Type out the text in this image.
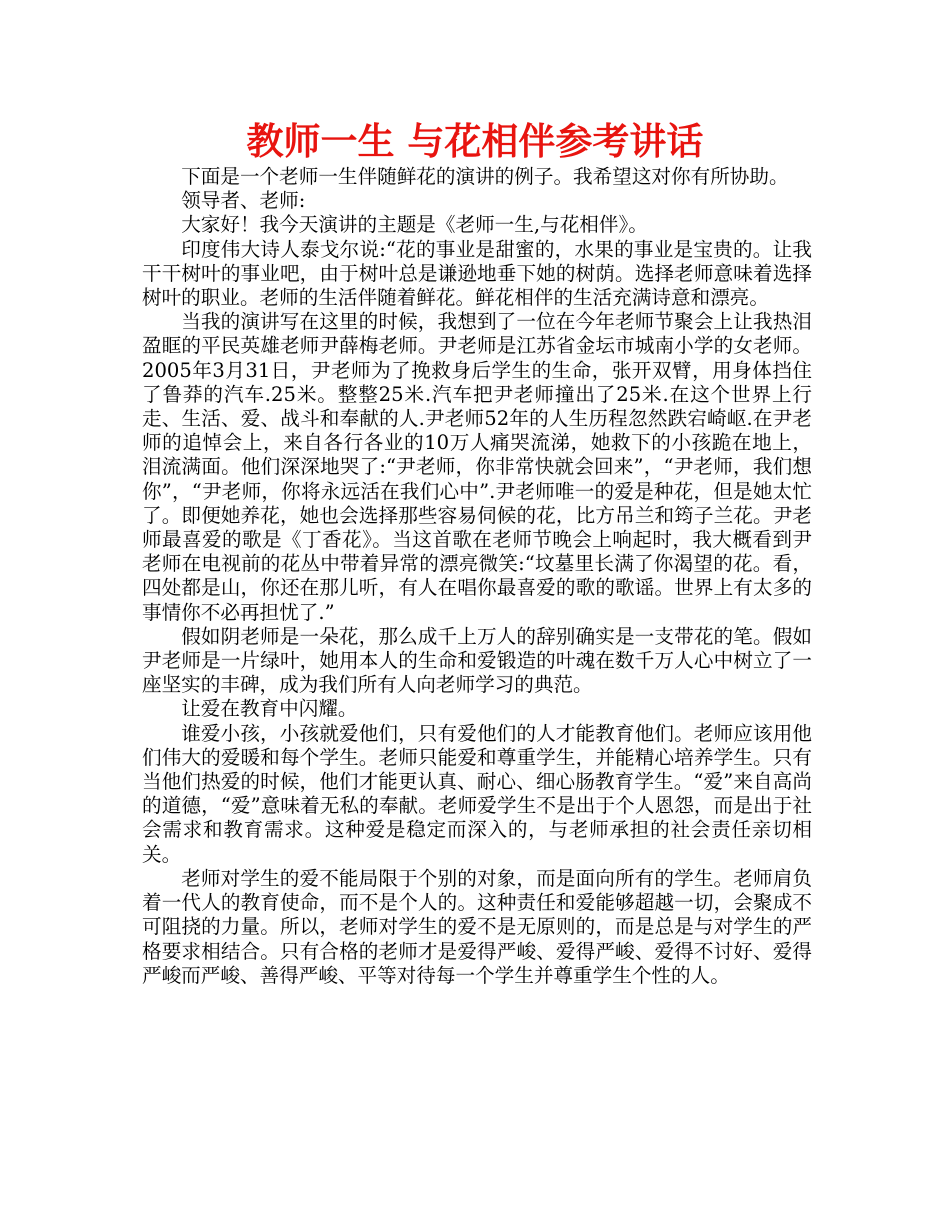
教师一生 与花相伴参考讲话

下面是一个老师一生伴随鲜花的演讲的例子。我希望这对你有所协助。

领导者、老师:

大家好！我今天演讲的主题是《老师一生,与花相伴》。

印度伟大诗人泰戈尔说:“花的事业是甜蜜的，水果的事业是宝贵的。让我干干树叶的事业吧，由于树叶总是谦逊地垂下她的树荫。选择老师意味着选择树叶的职业。老师的生活伴随着鲜花。鲜花相伴的生活充满诗意和漂亮。

当我的演讲写在这里的时候，我想到了一位在今年老师节聚会上让我热泪盈眶的平民英雄老师尹薛梅老师。尹老师是江苏省金坛市城南小学的女老师。2005年3月31日，尹老师为了挽救身后学生的生命，张开双臂，用身体挡住了鲁莽的汽车.25米。整整25米.汽车把尹老师撞出了25米.在这个世界上行走、生活、爱、战斗和奉献的人.尹老师52年的人生历程忽然跌宕崎岖.在尹老师的追悼会上，来自各行各业的10万人痛哭流涕，她救下的小孩跪在地上，泪流满面。他们深深地哭了:“尹老师，你非常快就会回来”，“尹老师，我们想你”，“尹老师，你将永远活在我们心中”.尹老师唯一的爱是种花，但是她太忙了。即便她养花，她也会选择那些容易伺候的花，比方吊兰和筠子兰花。尹老师最喜爱的歌是《丁香花》。当这首歌在老师节晚会上响起时，我大概看到尹老师在电视前的花丛中带着异常的漂亮微笑:“坟墓里长满了你渴望的花。看，四处都是山，你还在那儿听，有人在唱你最喜爱的歌的歌谣。世界上有太多的事情你不必再担忧了.”

假如阴老师是一朵花，那么成千上万人的辞别确实是一支带花的笔。假如尹老师是一片绿叶，她用本人的生命和爱锻造的叶魂在数千万人心中树立了一座坚实的丰碑，成为我们所有人向老师学习的典范。

让爱在教育中闪耀。

谁爱小孩，小孩就爱他们，只有爱他们的人才能教育他们。老师应该用他们伟大的爱暖和每个学生。老师只能爱和尊重学生，并能精心培养学生。只有当他们热爱的时候，他们才能更认真、耐心、细心肠教育学生。“爱”来自高尚的道德，“爱”意味着无私的奉献。老师爱学生不是出于个人恩怨，而是出于社会需求和教育需求。这种爱是稳定而深入的，与老师承担的社会责任亲切相关。

老师对学生的爱不能局限于个别的对象，而是面向所有的学生。老师肩负着一代人的教育使命，而不是个人的。这种责任和爱能够超越一切，会聚成不可阻挠的力量。所以，老师对学生的爱不是无原则的，而是总是与对学生的严格要求相结合。只有合格的老师才是爱得严峻、爱得严峻、爱得不讨好、爱得严峻而严峻、善得严峻、平等对待每一个学生并尊重学生个性的人。
